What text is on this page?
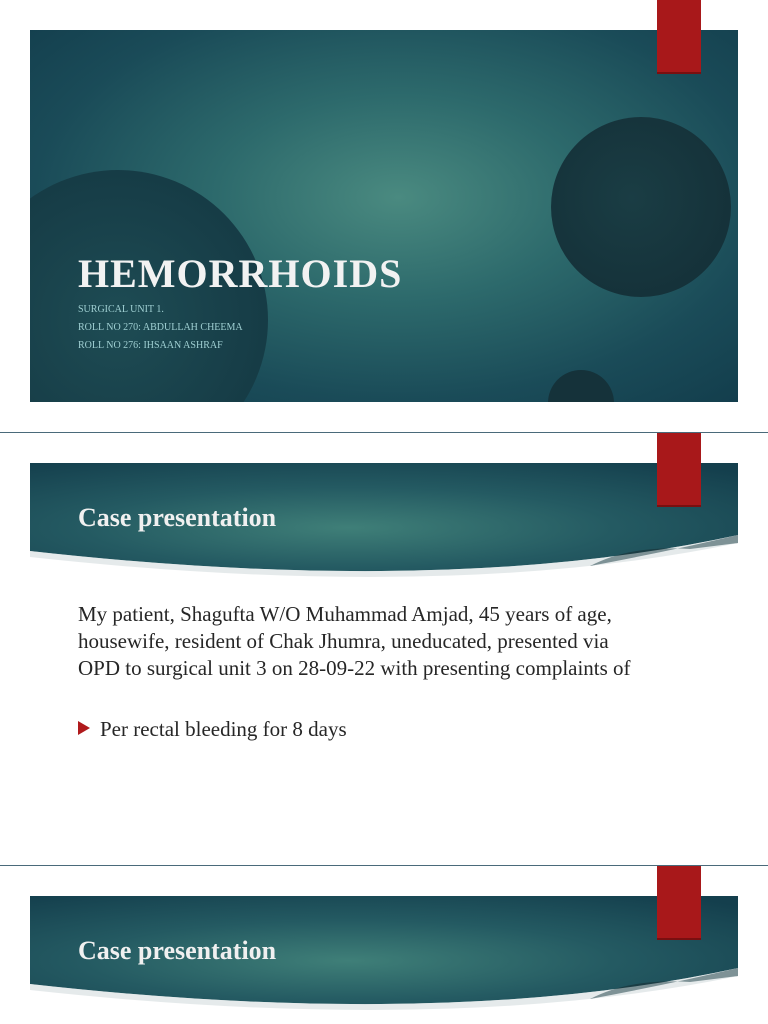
HEMORRHOIDS

SURGICAL UNIT 1.

ROLL NO 270: ABDULLAH CHEEMA

ROLL NO 276: IHSAAN ASHRAF

Case presentation

My patient, Shagufta W/O Muhammad Amjad, 45 years of age, housewife, resident of Chak Jhumra, uneducated, presented via OPD to surgical unit 3 on 28-09-22 with presenting complaints of

Per rectal bleeding for 8 days
Case presentation
